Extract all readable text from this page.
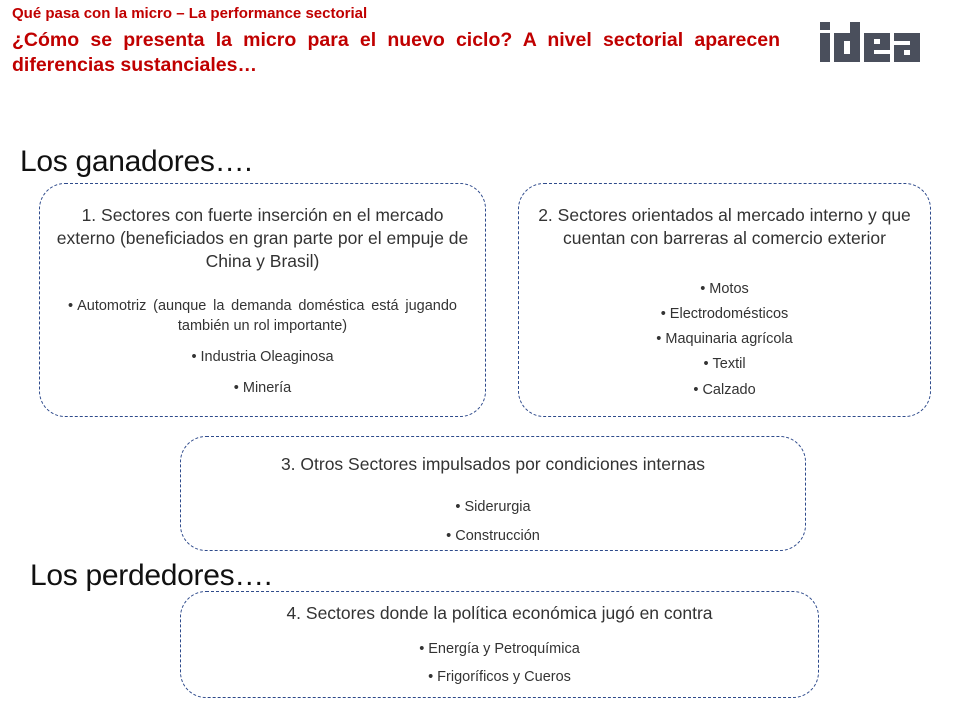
Qué pasa con la micro – La performance sectorial
¿Cómo se presenta la micro para el nuevo ciclo? A nivel sectorial aparecen diferencias sustanciales…
Los ganadores….
1. Sectores con fuerte inserción en el mercado externo (beneficiados en gran parte por el empuje de China y Brasil)
• Automotriz (aunque la demanda doméstica está jugando también un rol importante)
• Industria Oleaginosa
• Minería
2. Sectores orientados al mercado interno y que cuentan con barreras al comercio exterior
• Motos
• Electrodomésticos
• Maquinaria agrícola
• Textil
• Calzado
3. Otros Sectores impulsados por condiciones internas
• Siderurgia
• Construcción
Los perdedores….
4. Sectores donde la política económica jugó en contra
• Energía y Petroquímica
• Frigoríficos y Cueros
